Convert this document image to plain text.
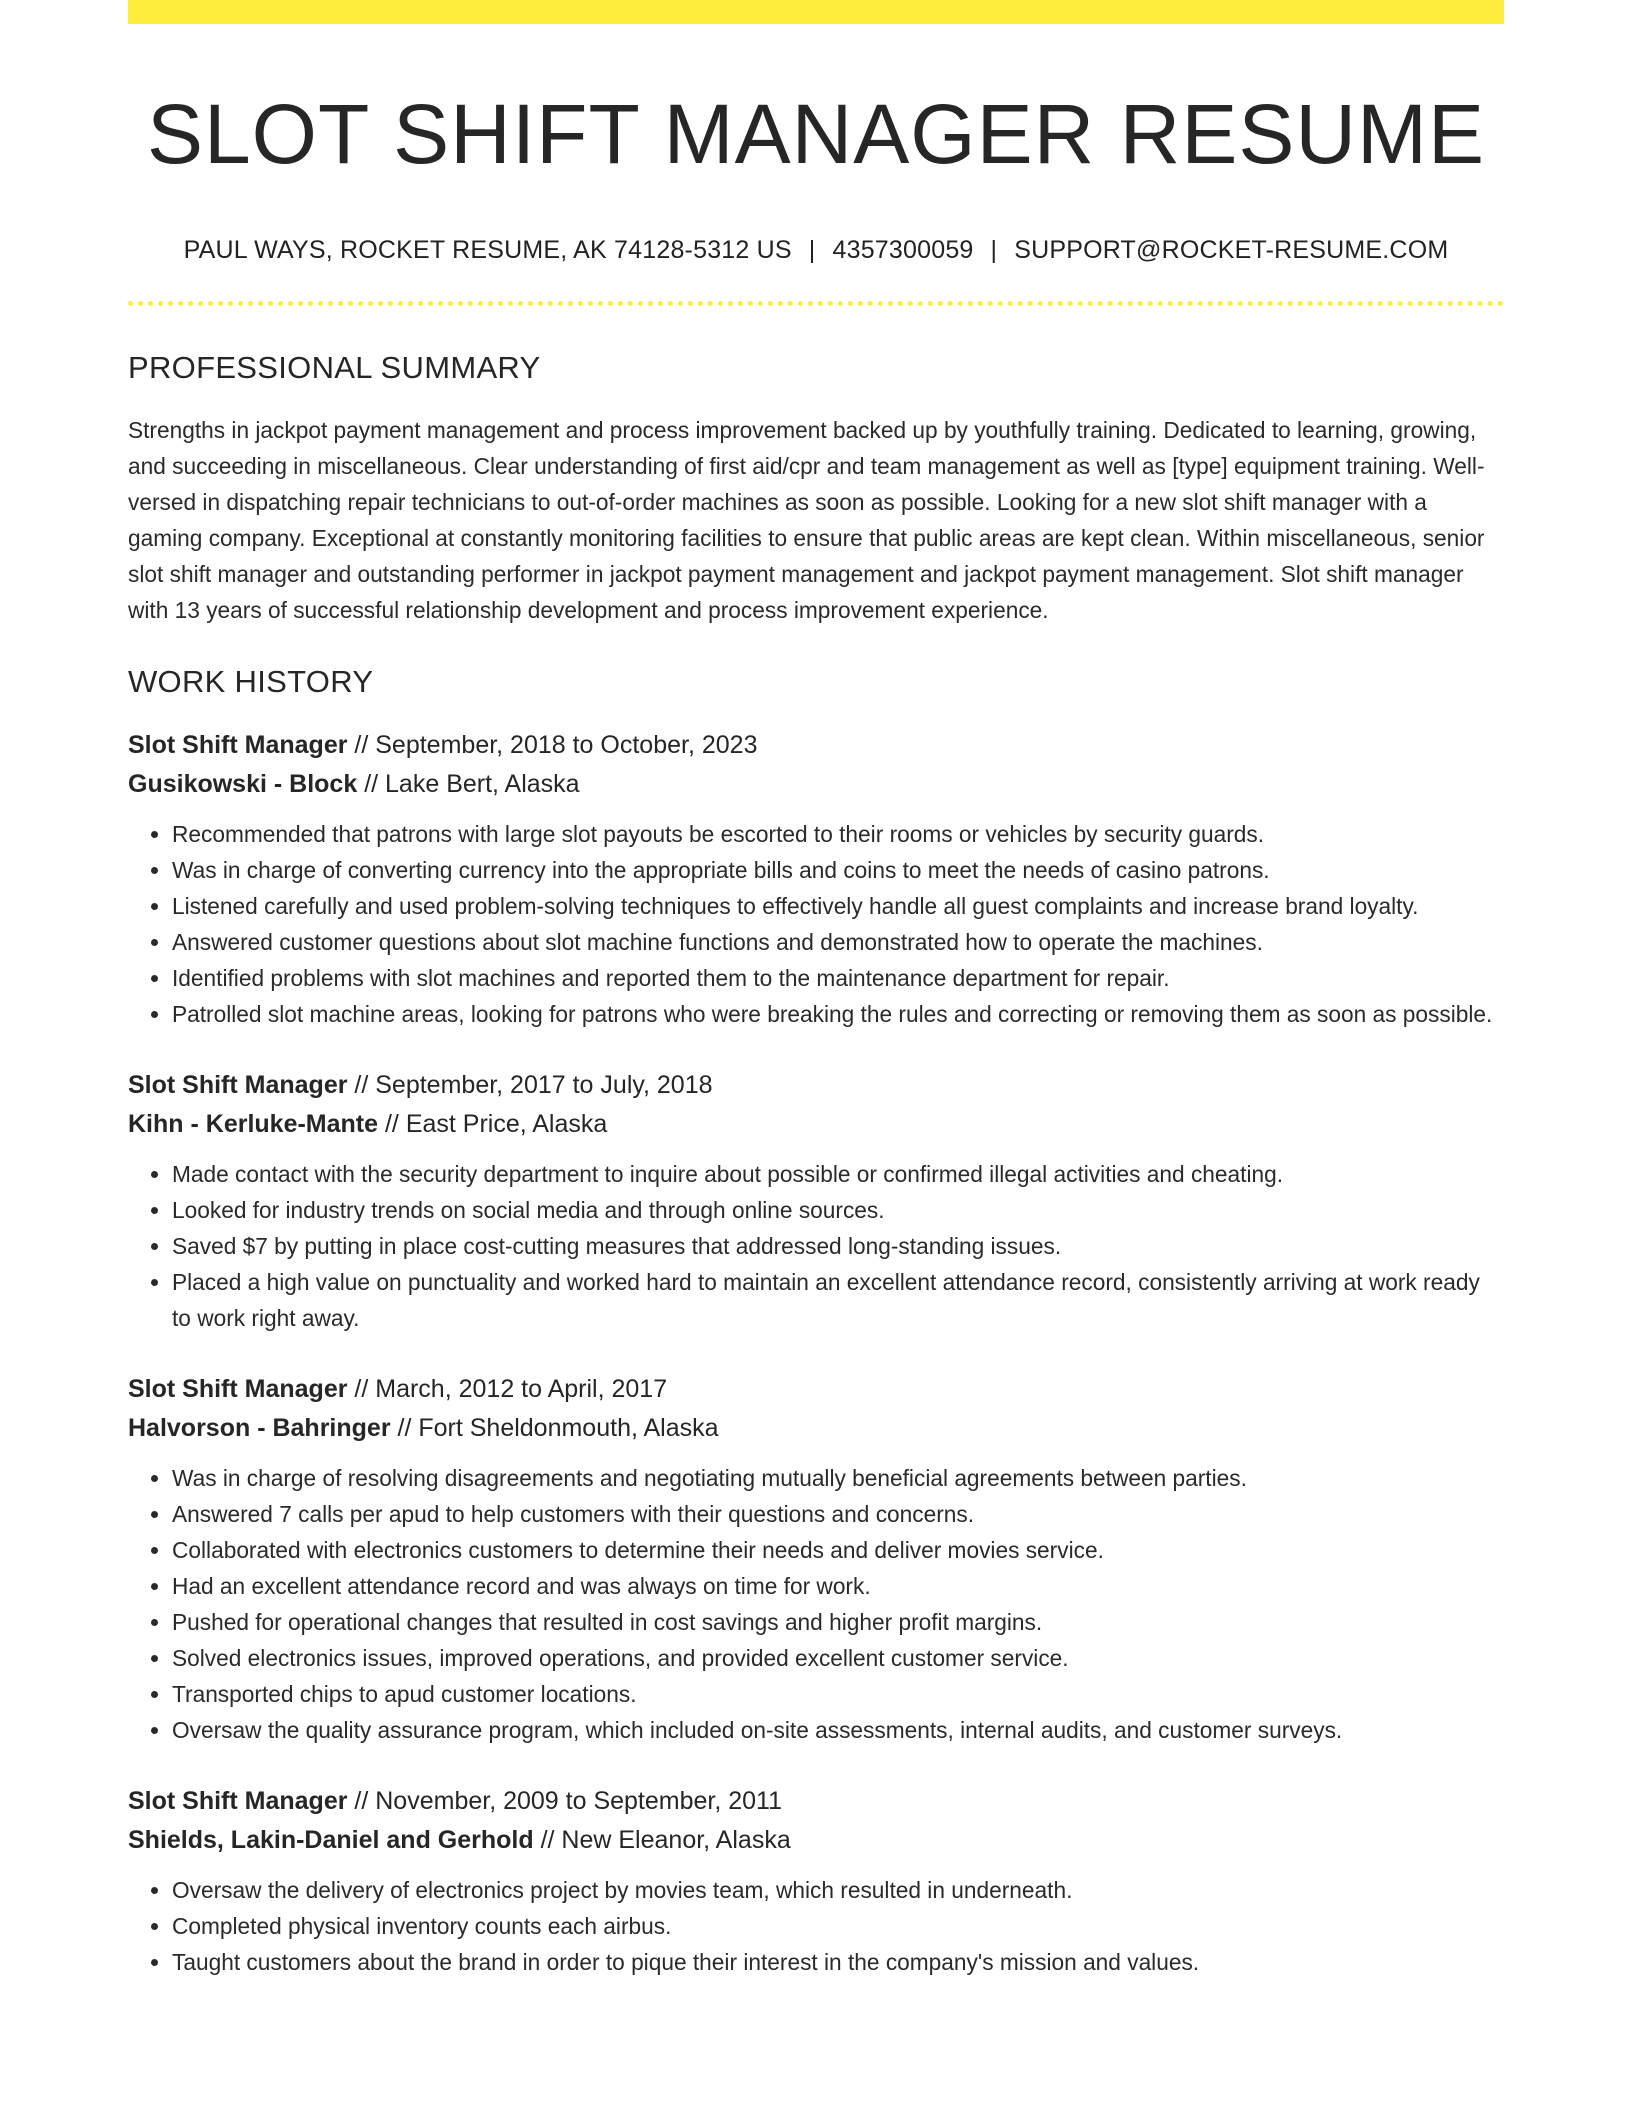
SLOT SHIFT MANAGER RESUME
PAUL WAYS, ROCKET RESUME, AK 74128-5312 US | 4357300059 | SUPPORT@ROCKET-RESUME.COM
PROFESSIONAL SUMMARY

Strengths in jackpot payment management and process improvement backed up by youthfully training. Dedicated to learning, growing, and succeeding in miscellaneous. Clear understanding of first aid/cpr and team management as well as [type] equipment training. Well-versed in dispatching repair technicians to out-of-order machines as soon as possible. Looking for a new slot shift manager with a gaming company. Exceptional at constantly monitoring facilities to ensure that public areas are kept clean. Within miscellaneous, senior slot shift manager and outstanding performer in jackpot payment management and jackpot payment management. Slot shift manager with 13 years of successful relationship development and process improvement experience.

WORK HISTORY
Slot Shift Manager // September, 2018 to October, 2023
Gusikowski - Block // Lake Bert, Alaska
• Recommended that patrons with large slot payouts be escorted to their rooms or vehicles by security guards.
• Was in charge of converting currency into the appropriate bills and coins to meet the needs of casino patrons.
• Listened carefully and used problem-solving techniques to effectively handle all guest complaints and increase brand loyalty.
• Answered customer questions about slot machine functions and demonstrated how to operate the machines.
• Identified problems with slot machines and reported them to the maintenance department for repair.
• Patrolled slot machine areas, looking for patrons who were breaking the rules and correcting or removing them as soon as possible.
Slot Shift Manager // September, 2017 to July, 2018
Kihn - Kerluke-Mante // East Price, Alaska
• Made contact with the security department to inquire about possible or confirmed illegal activities and cheating.
• Looked for industry trends on social media and through online sources.
• Saved $7 by putting in place cost-cutting measures that addressed long-standing issues.
• Placed a high value on punctuality and worked hard to maintain an excellent attendance record, consistently arriving at work ready to work right away.
Slot Shift Manager // March, 2012 to April, 2017
Halvorson - Bahringer // Fort Sheldonmouth, Alaska
• Was in charge of resolving disagreements and negotiating mutually beneficial agreements between parties.
• Answered 7 calls per apud to help customers with their questions and concerns.
• Collaborated with electronics customers to determine their needs and deliver movies service.
• Had an excellent attendance record and was always on time for work.
• Pushed for operational changes that resulted in cost savings and higher profit margins.
• Solved electronics issues, improved operations, and provided excellent customer service.
• Transported chips to apud customer locations.
• Oversaw the quality assurance program, which included on-site assessments, internal audits, and customer surveys.
Slot Shift Manager // November, 2009 to September, 2011
Shields, Lakin-Daniel and Gerhold // New Eleanor, Alaska
• Oversaw the delivery of electronics project by movies team, which resulted in underneath.
• Completed physical inventory counts each airbus.
• Taught customers about the brand in order to pique their interest in the company's mission and values.
